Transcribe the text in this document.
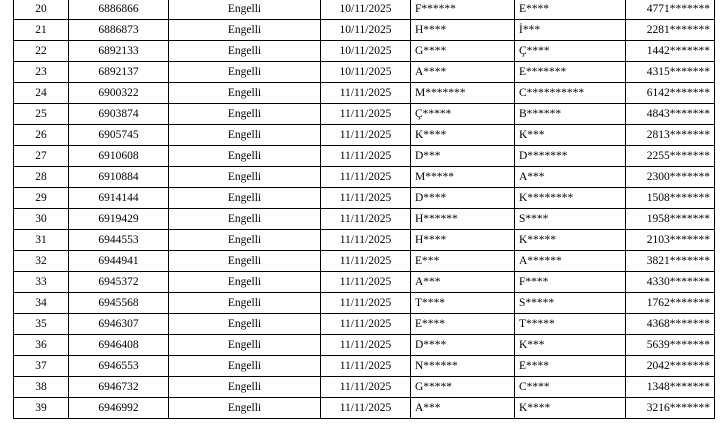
20	6886866	Engelli	10/11/2025	F******	E****	4771*******
21	6886873	Engelli	10/11/2025	H****	İ***	2281*******
22	6892133	Engelli	10/11/2025	G****	Ç****	1442*******
23	6892137	Engelli	10/11/2025	A****	E*******	4315*******
24	6900322	Engelli	11/11/2025	M*******	C**********	6142*******
25	6903874	Engelli	11/11/2025	Ç*****	B******	4843*******
26	6905745	Engelli	11/11/2025	K****	K***	2813*******
27	6910608	Engelli	11/11/2025	D***	D*******	2255*******
28	6910884	Engelli	11/11/2025	M*****	A***	2300*******
29	6914144	Engelli	11/11/2025	D****	K********	1508*******
30	6919429	Engelli	11/11/2025	H******	S****	1958*******
31	6944553	Engelli	11/11/2025	H****	K*****	2103*******
32	6944941	Engelli	11/11/2025	E***	A******	3821*******
33	6945372	Engelli	11/11/2025	A***	F****	4330*******
34	6945568	Engelli	11/11/2025	T****	S*****	1762*******
35	6946307	Engelli	11/11/2025	E****	T*****	4368*******
36	6946408	Engelli	11/11/2025	D****	K***	5639*******
37	6946553	Engelli	11/11/2025	N******	E****	2042*******
38	6946732	Engelli	11/11/2025	G*****	C****	1348*******
39	6946992	Engelli	11/11/2025	A***	K****	3216*******
